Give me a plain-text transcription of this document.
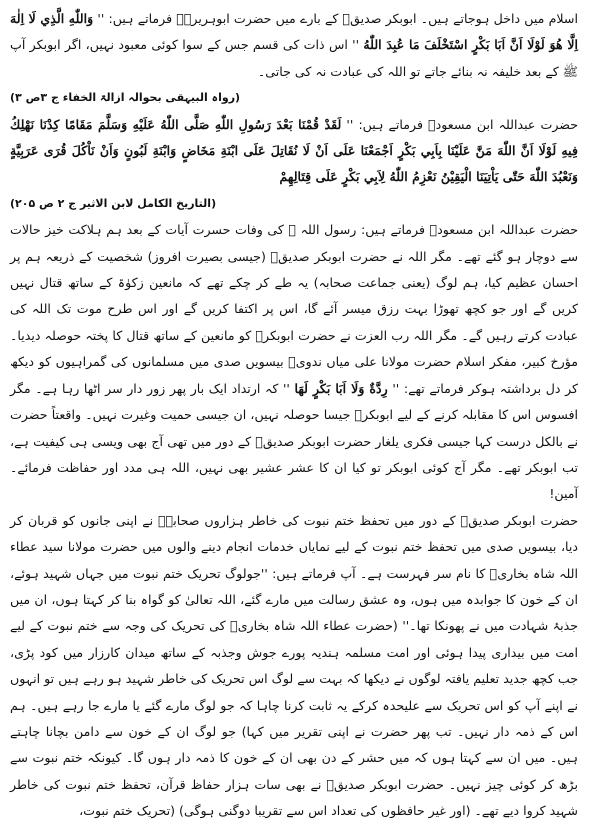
اسلام میں داخل ہوجاتے ہیں۔ ابوبکر صدیقؓ کے بارے میں حضرت ابوہریرہؓ فرماتے ہیں: '' وَاللّٰهِ الَّذِي لَا اِلٰهَ اِلَّا هُوَ لَوْلَا اَنَّ اَبَا بَكْرٍ اسْتَخْلَفَ مَا عُبِدَ اللّٰهُ '' اس ذات کی قسم جس کے سوا کوئی معبود نہیں، اگر ابوبکر آپ ﷺ کے بعد خلیفہ نہ بنائے جاتے تو اللہ کی عبادت نہ کی جاتی۔
(رواہ البیہقی بحوالہ ازالۃ الخفاء ج ۳ص ۳)

حضرت عبداللہ ابن مسعودؓ فرماتے ہیں: '' لَقَدْ قُمْنَا بَعْدَ رَسُولِ اللّٰهِ صَلَّى اللّٰهُ عَلَيْهِ وَسَلَّمَ مَقَامًا كِدْنَا نَهْلِكُ فِيهِ لَوْلَا اَنَّ اللّٰهَ مَنَّ عَلَيْنَا بِاَبِي بَكْرٍ اَجْمَعْنَا عَلَى اَنْ لَا نُقَاتِلَ عَلَى ابْنَةِ مَخَاضٍ وَابْنَةِ لَبُونٍ وَاَنْ نَاْكُلَ قُرَى عَرَبِيَّةٍ وَنَعْبُدَ اللّٰهَ حَتّٰى يَاْتِيَنَا الْيَقِيْنُ نَعْزِمُ اللّٰهُ لِاَبِي بَكْرٍ عَلَى قِتَالِهِمْ
(التاریخ الکامل لابن الاثیر ج ۲ ص ۲۰۵)

حضرت عبداللہ ابن مسعودؓ فرماتے ہیں: رسول اللہ ﷺ کی وفات حسرت آیات کے بعد ہم ہلاکت خیز حالات سے دوچار ہو گئے تھے۔ مگر اللہ نے حضرت ابوبکر صدیقؓ (جیسی بصیرت افروز) شخصیت کے ذریعہ ہم پر احسان عظیم کیا، ہم لوگ (یعنی جماعت صحابہ) یہ طے کر چکے تھے کہ مانعین زکوٰۃ کے ساتھ قتال نہیں کریں گے اور جو کچھ تھوڑا بہت رزق میسر آئے گا، اس پر اکتفا کریں گے اور اس طرح موت تک اللہ کی عبادت کرتے رہیں گے۔ مگر اللہ رب العزت نے حضرت ابوبکرؓ کو مانعین کے ساتھ قتال کا پختہ حوصلہ دیدیا۔ مؤرخ کبیر، مفکر اسلام حضرت مولانا علی میاں ندویؒ بیسویں صدی میں مسلمانوں کی گمراہیوں کو دیکھ کر دل برداشتہ ہوکر فرماتے تھے: '' رِدَّةٌ وَلَا اَبَا بَكْرٍ لَهَا '' کہ ارتداد ایک بار پھر زور دار سر اٹھا رہا ہے۔ مگر افسوس اس کا مقابلہ کرنے کے لیے ابوبکرؓ جیسا حوصلہ نہیں، ان جیسی حمیت وغیرت نہیں۔ واقعتاً حضرت نے بالکل درست کہا جیسی فکری یلغار حضرت ابوبکر صدیقؓ کے دور میں تھی آج بھی ویسی ہی کیفیت ہے، تب ابوبکر تھے۔ مگر آج کوئی ابوبکر تو کیا ان کا عشر عشیر بھی نہیں، اللہ ہی مدد اور حفاظت فرمائے۔ آمین!

حضرت ابوبکر صدیقؓ کے دور میں تحفظ ختم نبوت کی خاطر ہزاروں صحابہؓ نے اپنی جانوں کو قربان کر دیا، بیسویں صدی میں تحفظ ختم نبوت کے لیے نمایاں خدمات انجام دینے والوں میں حضرت مولانا سید عطاء اللہ شاہ بخاریؒ کا نام سر فہرست ہے۔ آپ فرماتے ہیں: ''جولوگ تحریک ختم نبوت میں جہاں شہید ہوئے، ان کے خون کا جوابدہ میں ہوں، وہ عشق رسالت میں مارے گئے، اللہ تعالیٰ کو گواہ بنا کر کہتا ہوں، ان میں جذبۂ شہادت میں نے پھونکا تھا۔'' (حضرت عطاء اللہ شاہ بخاریؒ کی تحریک کی وجہ سے ختم نبوت کے لیے امت میں بیداری پیدا ہوئی اور امت مسلمہ ہندیہ پورے جوش وجذبہ کے ساتھ میدان کارزار میں کود پڑی، جب کچھ جدید تعلیم یافتہ لوگوں نے دیکھا کہ بہت سے لوگ اس تحریک کی خاطر شہید ہو رہے ہیں تو انہوں نے اپنے آپ کو اس تحریک سے علیحدہ کرکے یہ ثابت کرنا چاہا کہ جو لوگ مارے گئے یا مارے جا رہے ہیں۔ ہم اس کے ذمہ دار نہیں۔ تب پھر حضرت نے اپنی تقریر میں کہا) جو لوگ ان کے خون سے دامن بچانا چاہتے ہیں۔ میں ان سے کہتا ہوں کہ میں حشر کے دن بھی ان کے خون کا ذمہ دار ہوں گا۔ کیونکہ ختم نبوت سے بڑھ کر کوئی چیز نہیں۔ حضرت ابوبکر صدیقؓ نے بھی سات ہزار حفاظ قرآن، تحفظ ختم نبوت کی خاطر شہید کروا دیے تھے۔ (اور غیر حافظوں کی تعداد اس سے تقریبا دوگنی ہوگی) (تحریک ختم نبوت،
